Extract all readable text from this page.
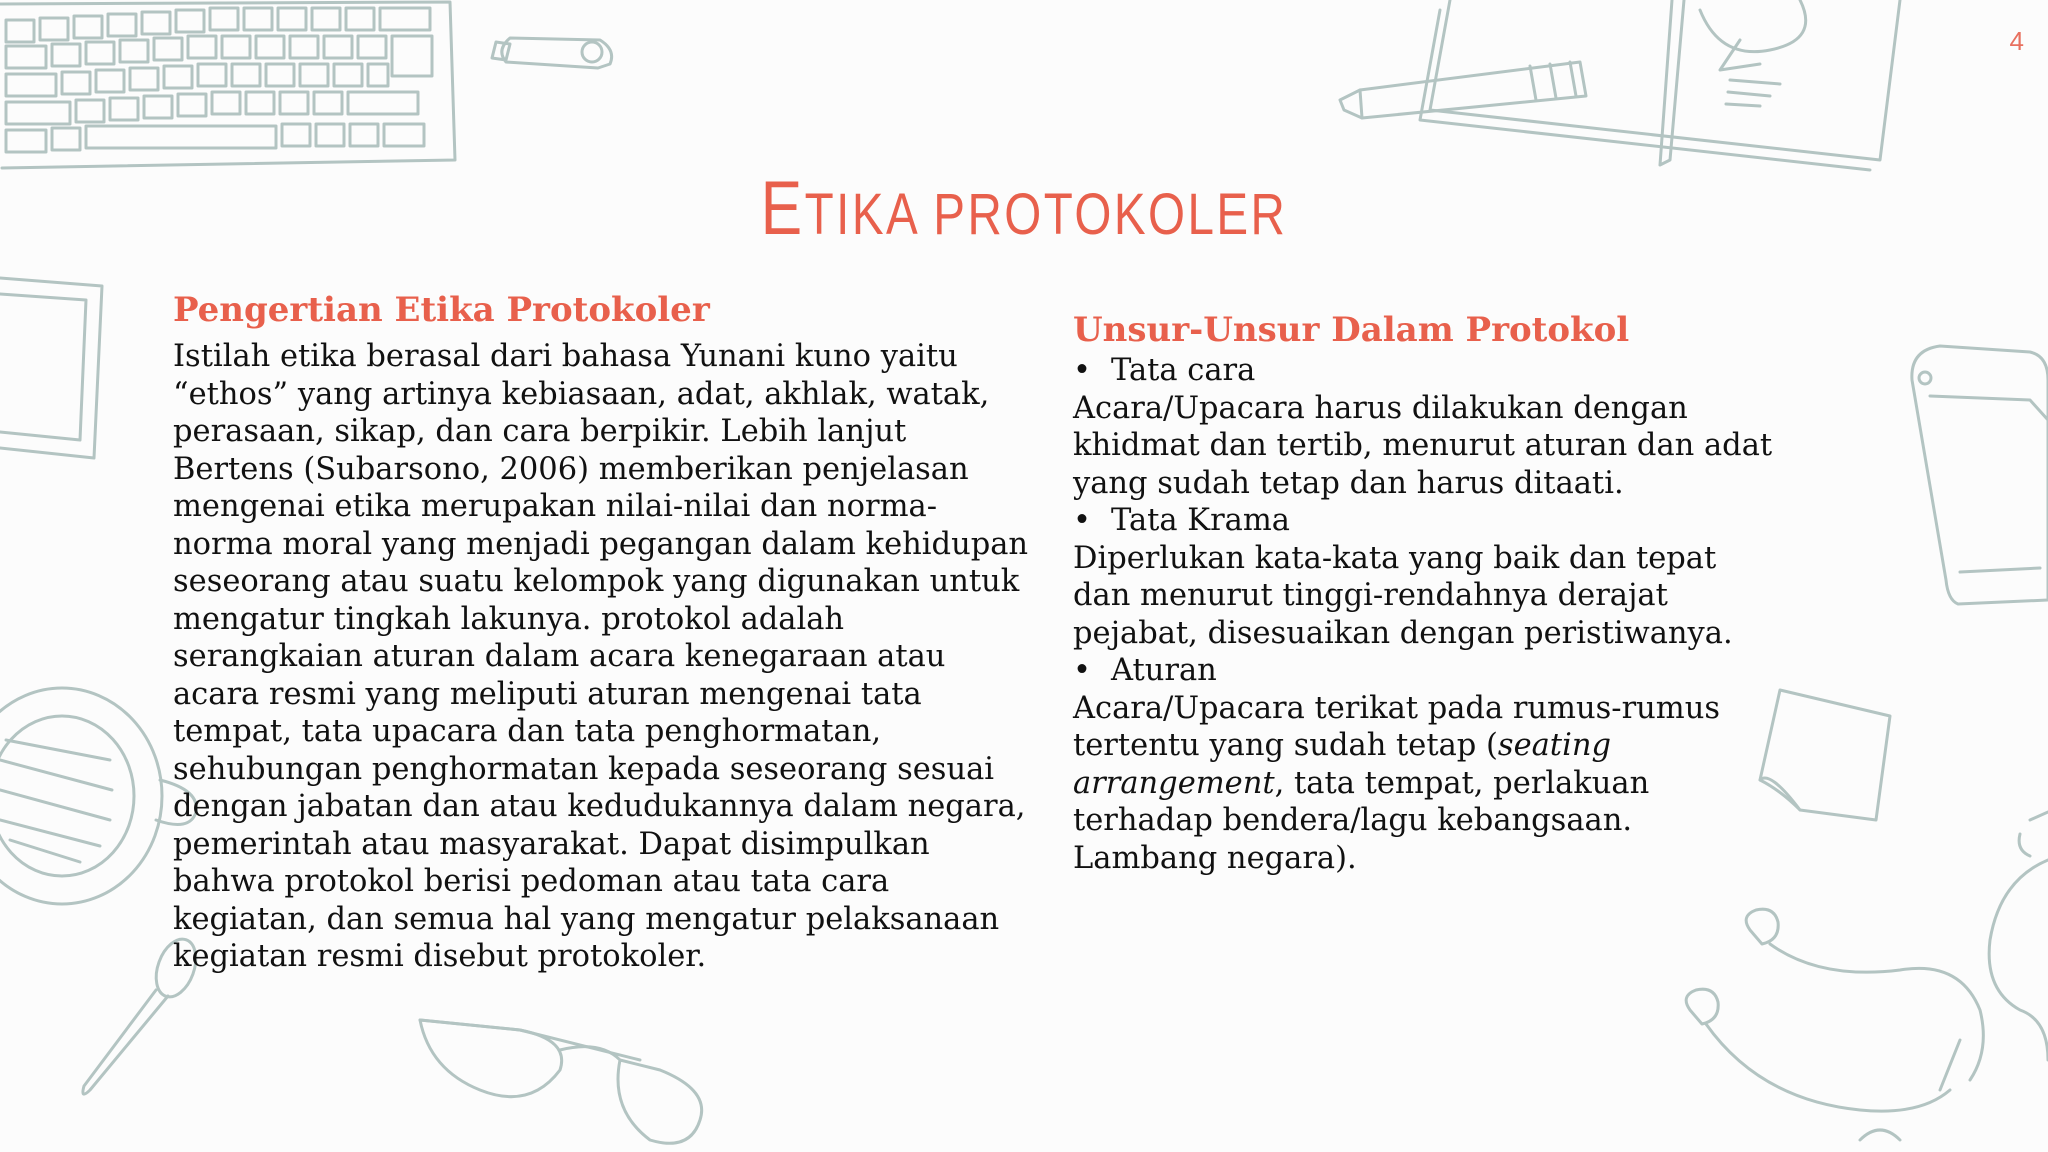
4
ETIKA PROTOKOLER
Pengertian Etika Protokoler

Istilah etika berasal dari bahasa Yunani kuno yaitu “ethos” yang artinya kebiasaan, adat, akhlak, watak, perasaan, sikap, dan cara berpikir. Lebih lanjut Bertens (Subarsono, 2006) memberikan penjelasan mengenai etika merupakan nilai-nilai dan norma-norma moral yang menjadi pegangan dalam kehidupan seseorang atau suatu kelompok yang digunakan untuk mengatur tingkah lakunya. protokol adalah serangkaian aturan dalam acara kenegaraan atau acara resmi yang meliputi aturan mengenai tata tempat, tata upacara dan tata penghormatan, sehubungan penghormatan kepada seseorang sesuai dengan jabatan dan atau kedudukannya dalam negara, pemerintah atau masyarakat. Dapat disimpulkan bahwa protokol berisi pedoman atau tata cara kegiatan, dan semua hal yang mengatur pelaksanaan kegiatan resmi disebut protokoler.

Unsur-Unsur Dalam Protokol
• Tata cara
Acara/Upacara harus dilakukan dengan khidmat dan tertib, menurut aturan dan adat yang sudah tetap dan harus ditaati.
• Tata Krama
Diperlukan kata-kata yang baik dan tepat dan menurut tinggi-rendahnya derajat pejabat, disesuaikan dengan peristiwanya.
• Aturan
Acara/Upacara terikat pada rumus-rumus tertentu yang sudah tetap (seating arrangement, tata tempat, perlakuan terhadap bendera/lagu kebangsaan. Lambang negara).
